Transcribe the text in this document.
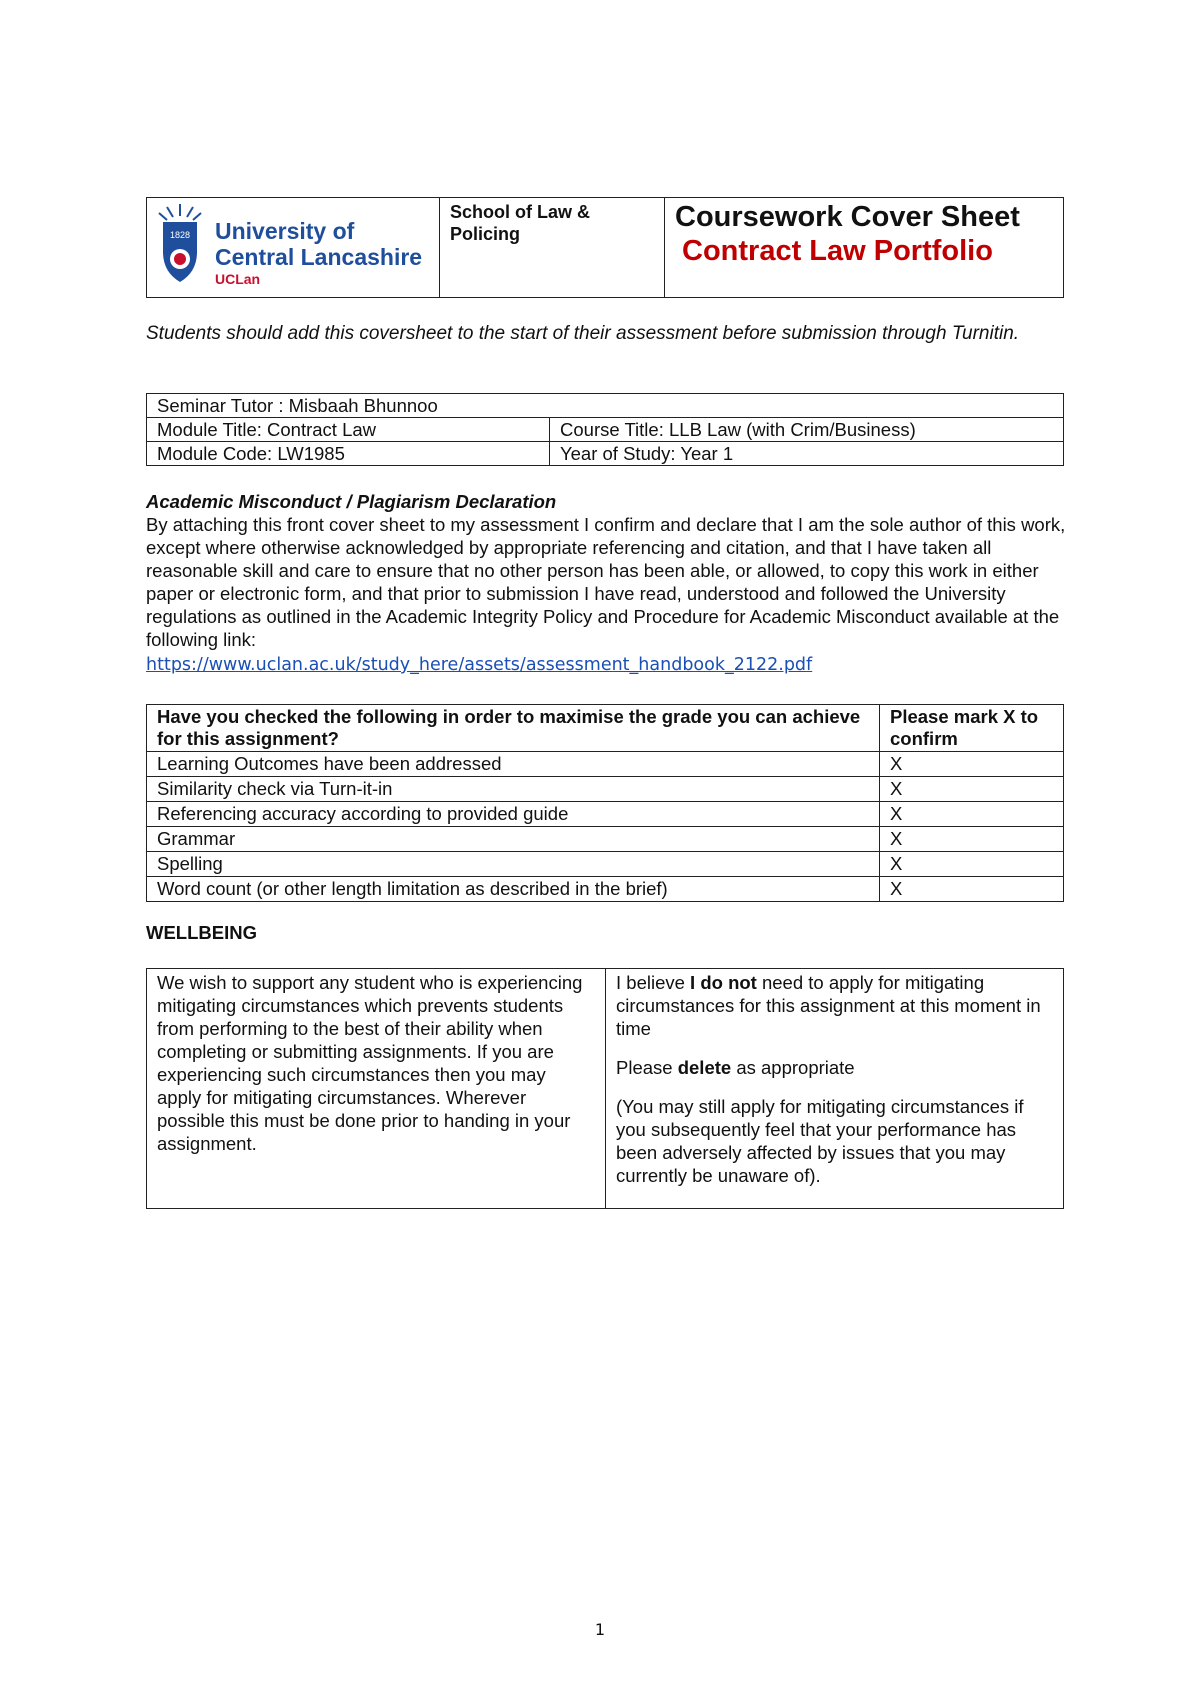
1828 University of
Central Lancashire
UCLan
	School of Law & Policing	
Coursework Cover Sheet
Contract Law Portfolio
Students should add this coversheet to the start of their assessment before submission through Turnitin.
Seminar Tutor : Misbaah Bhunnoo	
Module Title: Contract Law	Course Title: LLB Law (with Crim/Business)
Module Code: LW1985	Year of Study: Year 1
Academic Misconduct / Plagiarism Declaration
By attaching this front cover sheet to my assessment I confirm and declare that I am the sole author of this work, except where otherwise acknowledged by appropriate referencing and citation, and that I have taken all reasonable skill and care to ensure that no other person has been able, or allowed, to copy this work in either paper or electronic form, and that prior to submission I have read, understood and followed the University regulations as outlined in the Academic Integrity Policy and Procedure for Academic Misconduct available at the following link:
https://www.uclan.ac.uk/study_here/assets/assessment_handbook_2122.pdf
Have you checked the following in order to maximise the grade you can achieve for this assignment?	Please mark X to confirm
Learning Outcomes have been addressed	X
Similarity check via Turn-it-in	X
Referencing accuracy according to provided guide	X
Grammar	X
Spelling	X
Word count (or other length limitation as described in the brief)	X
WELLBEING
We wish to support any student who is experiencing mitigating circumstances which prevents students from performing to the best of their ability when completing or submitting assignments. If you are experiencing such circumstances then you may apply for mitigating circumstances. Wherever possible this must be done prior to handing in your assignment.	

I believe I do not need to apply for mitigating circumstances for this assignment at this moment in time

Please delete as appropriate

(You may still apply for mitigating circumstances if you subsequently feel that your performance has been adversely affected by issues that you may currently be unaware of).

1
